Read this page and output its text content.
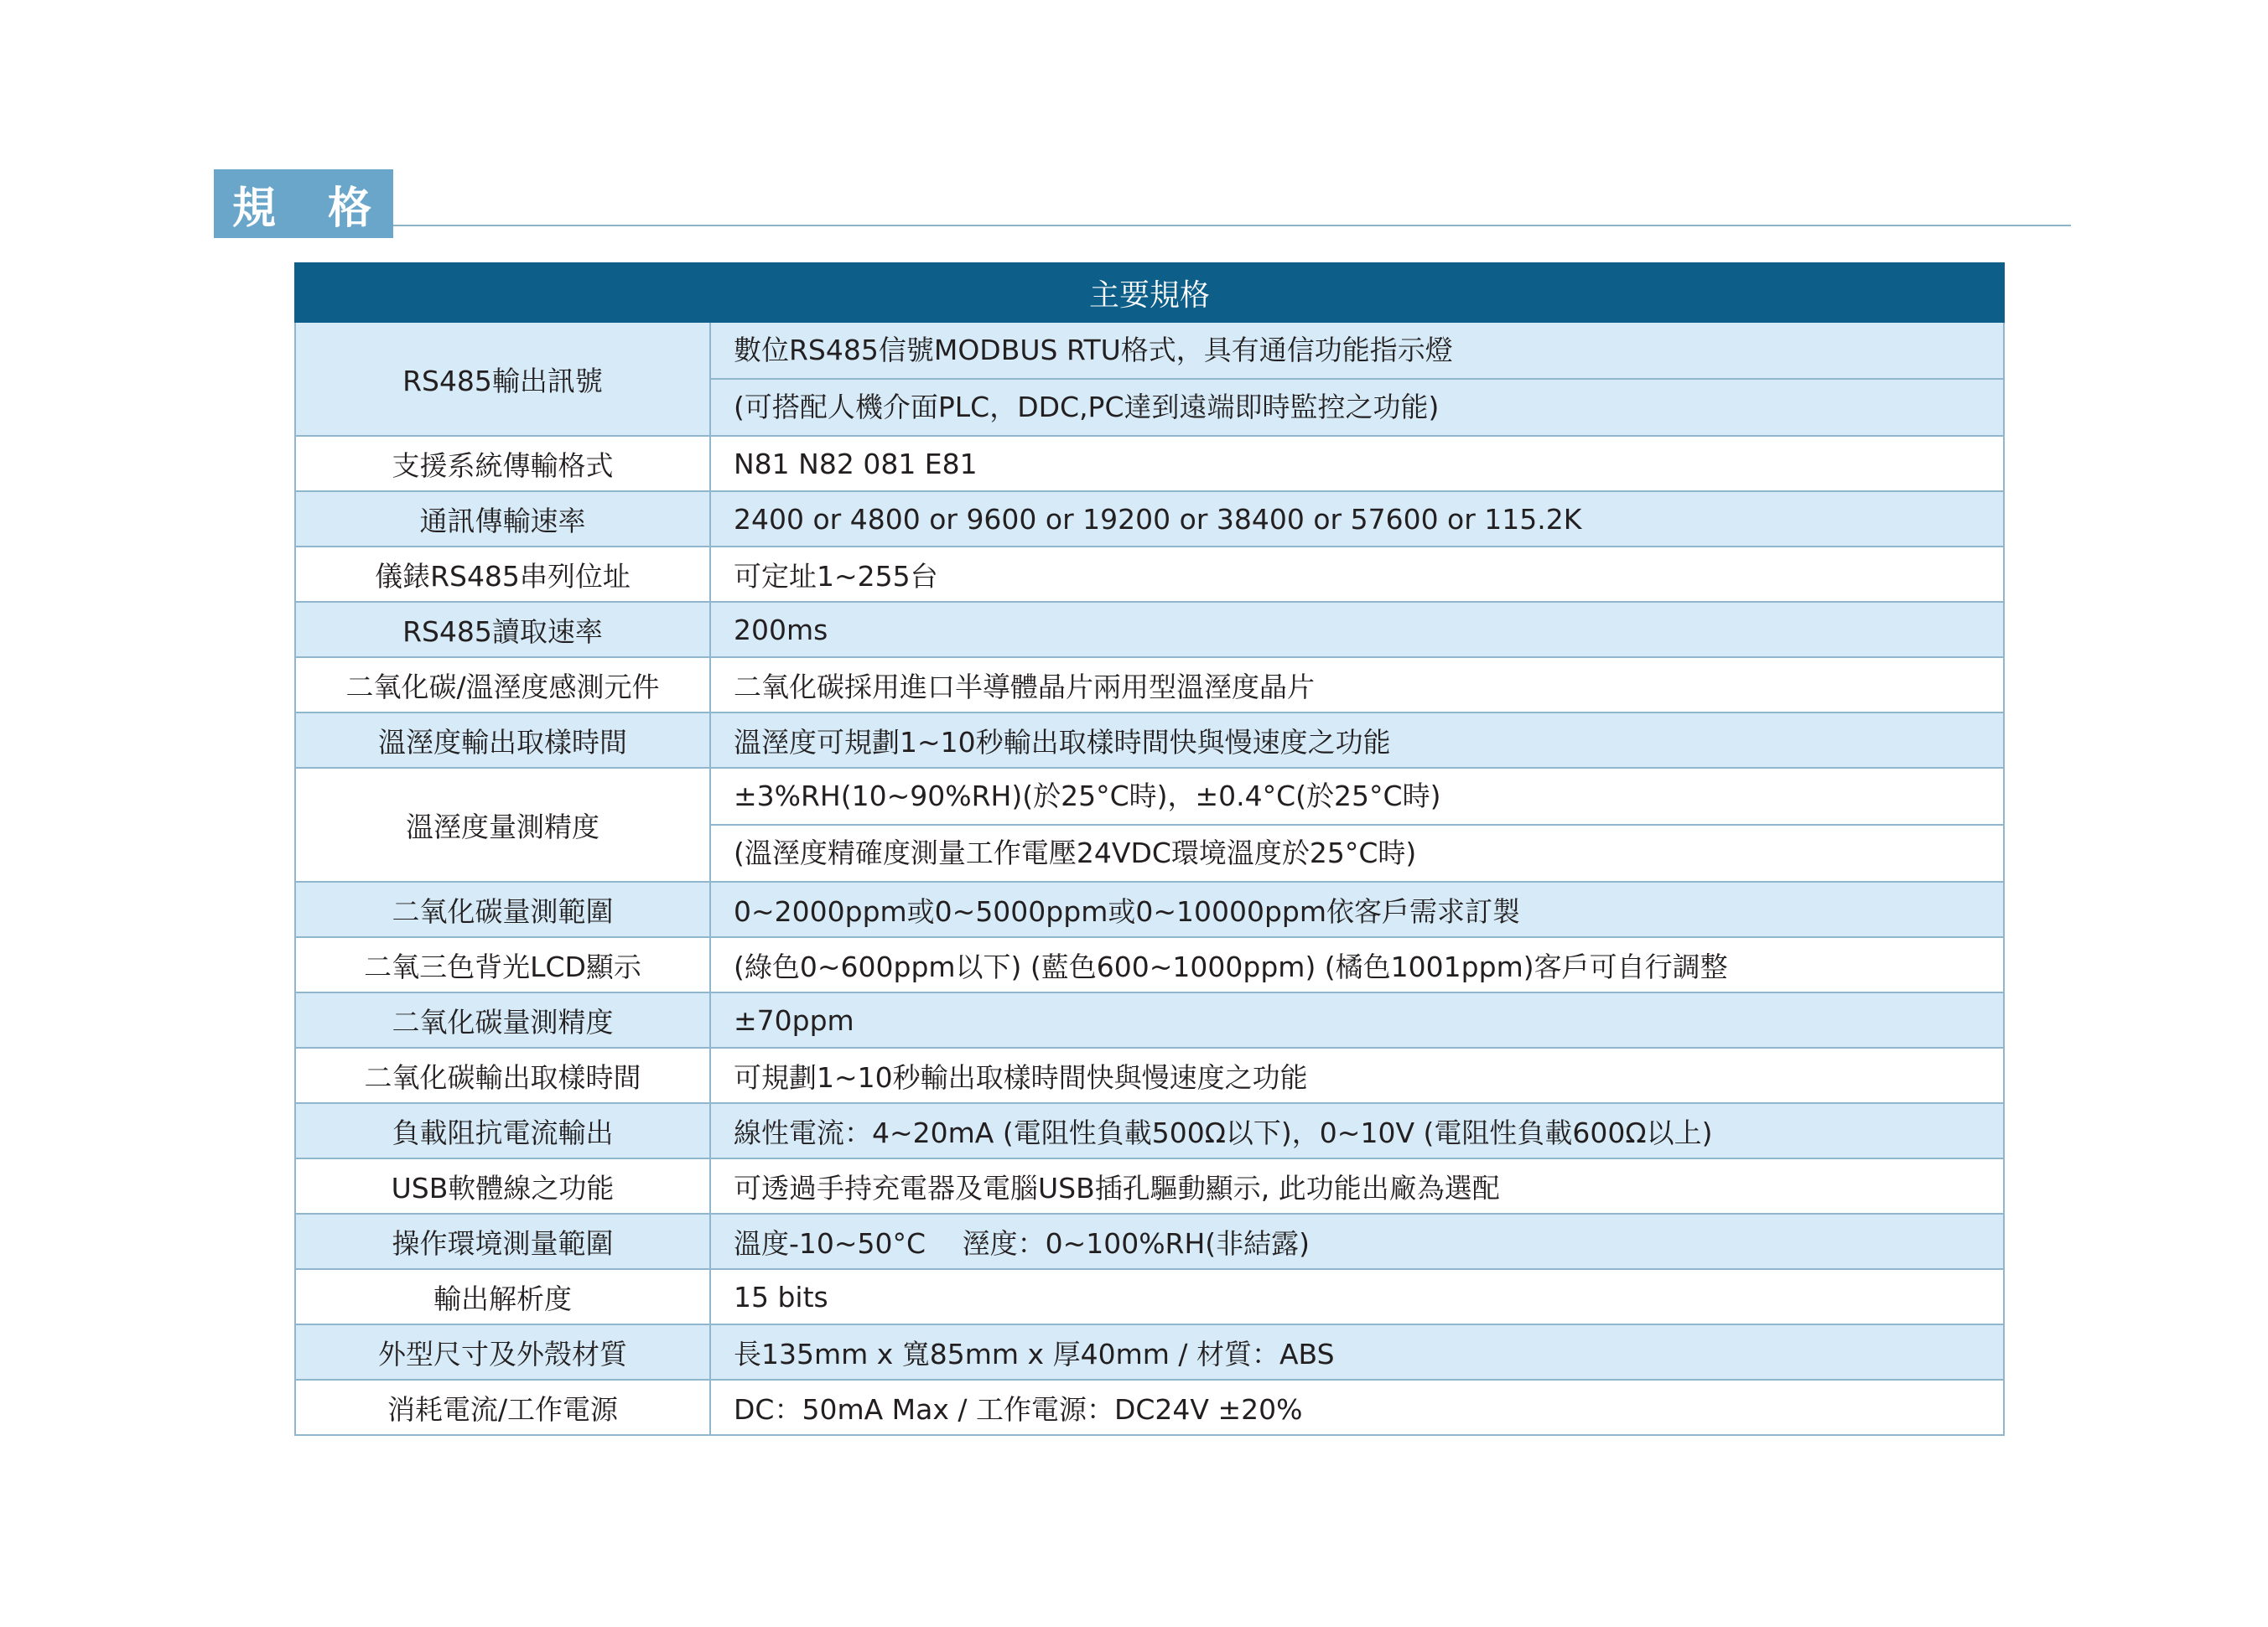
規 格
主要規格	
RS485輸出訊號	數位RS485信號MODBUS RTU格式，具有通信功能指示燈
(可搭配人機介面PLC，DDC,PC達到遠端即時監控之功能)

支援系統傳輸格式	N81 N82 081 E81
通訊傳輸速率	2400 or 4800 or 9600 or 19200 or 38400 or 57600 or 115.2K
儀錶RS485串列位址	可定址1~255台
RS485讀取速率	200ms
二氧化碳/溫溼度感測元件	二氧化碳採用進口半導體晶片兩用型溫溼度晶片
溫溼度輸出取樣時間	溫溼度可規劃1~10秒輸出取樣時間快與慢速度之功能
溫溼度量測精度	±3%RH(10~90%RH)(於25°C時)，±0.4°C(於25°C時)
(溫溼度精確度測量工作電壓24VDC環境溫度於25°C時)

二氧化碳量測範圍	0~2000ppm或0~5000ppm或0~10000ppm依客戶需求訂製
二氧三色背光LCD顯示	(綠色0~600ppm以下) (藍色600~1000ppm) (橘色1001ppm)客戶可自行調整
二氧化碳量測精度	±70ppm
二氧化碳輸出取樣時間	可規劃1~10秒輸出取樣時間快與慢速度之功能
負載阻抗電流輸出	線性電流：4~20mA (電阻性負載500Ω以下)，0~10V (電阻性負載600Ω以上)
USB軟體線之功能	可透過手持充電器及電腦USB插孔驅動顯示, 此功能出廠為選配
操作環境測量範圍	溫度-10~50°C　 溼度：0~100%RH(非結露)
輸出解析度	15 bits
外型尺寸及外殼材質	長135mm x 寬85mm x 厚40mm / 材質：ABS
消耗電流/工作電源	DC：50mA Max / 工作電源：DC24V ±20%
